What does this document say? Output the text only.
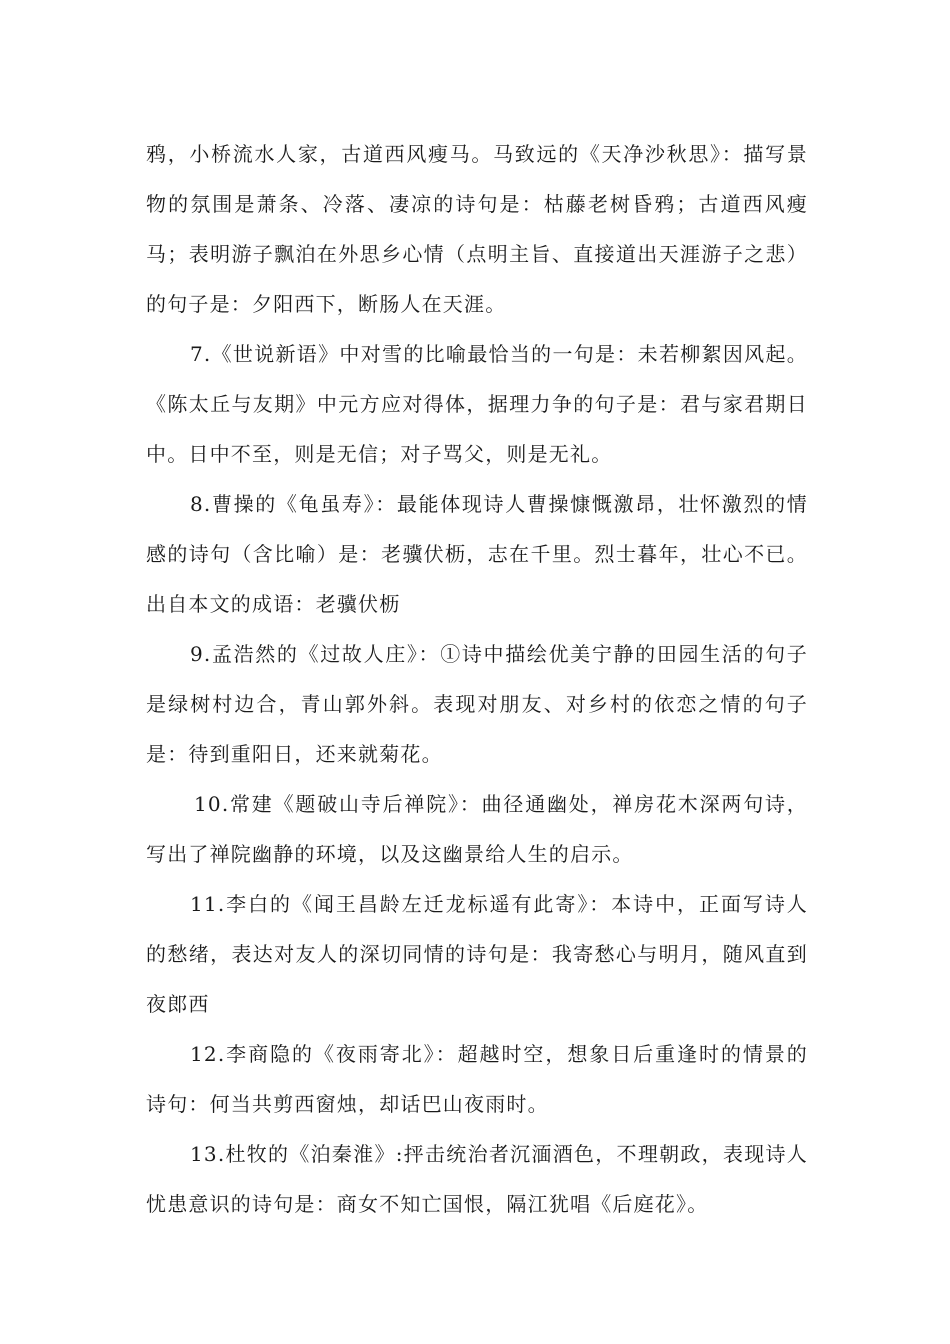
鸦，小桥流水人家，古道西风瘦马。马致远的《天净沙秋思》：描写景物的氛围是萧条、冷落、凄凉的诗句是：枯藤老树昏鸦；古道西风瘦马；表明游子飘泊在外思乡心情（点明主旨、直接道出天涯游子之悲）的句子是：夕阳西下，断肠人在天涯。

7.《世说新语》中对雪的比喻最恰当的一句是：未若柳絮因风起。《陈太丘与友期》中元方应对得体，据理力争的句子是：君与家君期日中。日中不至，则是无信；对子骂父，则是无礼。

8.曹操的《龟虽寿》：最能体现诗人曹操慷慨激昂，壮怀激烈的情感的诗句（含比喻）是：老骥伏枥，志在千里。烈士暮年，壮心不已。出自本文的成语：老骥伏枥

9.孟浩然的《过故人庄》：①诗中描绘优美宁静的田园生活的句子是绿树村边合，青山郭外斜。表现对朋友、对乡村的依恋之情的句子是：待到重阳日，还来就菊花。

10.常建《题破山寺后禅院》：曲径通幽处，禅房花木深两句诗，写出了禅院幽静的环境，以及这幽景给人生的启示。

11.李白的《闻王昌龄左迁龙标遥有此寄》：本诗中，正面写诗人的愁绪，表达对友人的深切同情的诗句是：我寄愁心与明月，随风直到夜郎西

12.李商隐的《夜雨寄北》：超越时空，想象日后重逢时的情景的诗句：何当共剪西窗烛，却话巴山夜雨时。

13.杜牧的《泊秦淮》:抨击统治者沉湎酒色，不理朝政，表现诗人忧患意识的诗句是：商女不知亡国恨，隔江犹唱《后庭花》。
